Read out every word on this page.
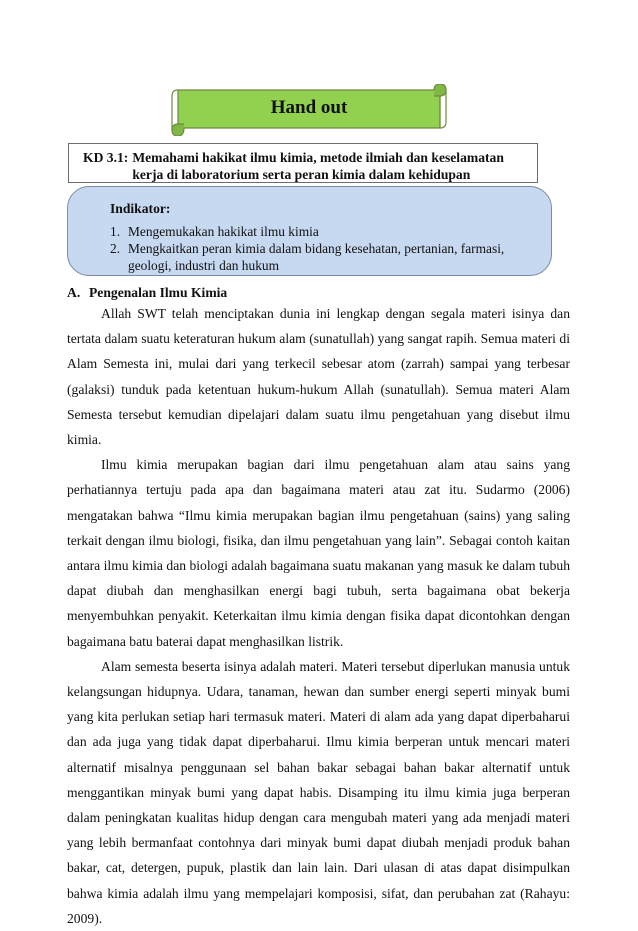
Hand out
KD 3.1: Memahami hakikat ilmu kimia, metode ilmiah dan keselamatan kerja di laboratorium serta peran kimia dalam kehidupan
Indikator:
1. Mengemukakan hakikat ilmu kimia
2. Mengkaitkan peran kimia dalam bidang kesehatan, pertanian, farmasi, geologi, industri dan hukum
A. Pengenalan Ilmu Kimia

Allah SWT telah menciptakan dunia ini lengkap dengan segala materi isinya dan tertata dalam suatu keteraturan hukum alam (sunatullah) yang sangat rapih. Semua materi di Alam Semesta ini, mulai dari yang terkecil sebesar atom (zarrah) sampai yang terbesar (galaksi) tunduk pada ketentuan hukum-hukum Allah (sunatullah). Semua materi Alam Semesta tersebut kemudian dipelajari dalam suatu ilmu pengetahuan yang disebut ilmu kimia.

Ilmu kimia merupakan bagian dari ilmu pengetahuan alam atau sains yang perhatiannya tertuju pada apa dan bagaimana materi atau zat itu. Sudarmo (2006) mengatakan bahwa “Ilmu kimia merupakan bagian ilmu pengetahuan (sains) yang saling terkait dengan ilmu biologi, fisika, dan ilmu pengetahuan yang lain”. Sebagai contoh kaitan antara ilmu kimia dan biologi adalah bagaimana suatu makanan yang masuk ke dalam tubuh dapat diubah dan menghasilkan energi bagi tubuh, serta bagaimana obat bekerja menyembuhkan penyakit. Keterkaitan ilmu kimia dengan fisika dapat dicontohkan dengan bagaimana batu baterai dapat menghasilkan listrik.

Alam semesta beserta isinya adalah materi. Materi tersebut diperlukan manusia untuk kelangsungan hidupnya. Udara, tanaman, hewan dan sumber energi seperti minyak bumi yang kita perlukan setiap hari termasuk materi. Materi di alam ada yang dapat diperbaharui dan ada juga yang tidak dapat diperbaharui. Ilmu kimia berperan untuk mencari materi alternatif misalnya penggunaan sel bahan bakar sebagai bahan bakar alternatif untuk menggantikan minyak bumi yang dapat habis. Disamping itu ilmu kimia juga berperan dalam peningkatan kualitas hidup dengan cara mengubah materi yang ada menjadi materi yang lebih bermanfaat contohnya dari minyak bumi dapat diubah menjadi produk bahan bakar, cat, detergen, pupuk, plastik dan lain lain. Dari ulasan di atas dapat disimpulkan bahwa kimia adalah ilmu yang mempelajari komposisi, sifat, dan perubahan zat (Rahayu: 2009).
